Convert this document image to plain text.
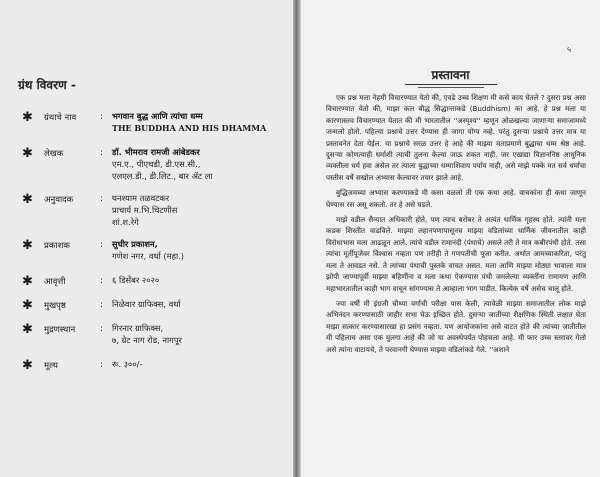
ग्रंथ विवरण -
✱ ग्रंथाचे नाव	: भगवान बुद्ध आणि त्यांचा धम्म
THE BUDDHA AND HIS DHAMMA
✱ लेखक	: डॉ. भीमराव रामजी आंबेडकर
एम.ए., पीएचडी, डी.एस.सी.,
एलएल.डी., डी.लिट., बार ॲट ला
✱ अनुवादक	: घनश्याम तळवटकर
प्राचार्य म.भि.चिटणीस
शां.श.रेगे
✱ प्रकाशक	: सुधीर प्रकाशन,
गणेश नगर, वर्धा (महा.)
✱ आवृत्ती	: ६ डिसेंबर २०२०
✱ मुखपृष्ठ	: निळेवार ग्राफिक्स, वर्धा
✱ मुद्रणस्थान	: गिरनार ग्राफिक्स,
७, ग्रेट नाग रोड, नागपूर
✱ मूल्य	: रू. ३००/-
५
प्रस्तावना

एक प्रश्न मला नेहमी विचारण्यात येतो की, एवढे उच्च शिक्षण मी कसे काय घेतले ? दुसरा प्रश्न असा विचारण्यात येतो की, माझा कल बौद्ध सिद्धान्ताकडे (Buddhism) का आहे. हे प्रश्न मला या कारणास्तव विचारण्यात येतात की मी भारतातील ''अस्पृश्य'' म्हणून ओळखल्या जाणाऱ्या समाजामध्ये जन्मलो होतो. पहिल्या प्रश्नाचे उत्तर देण्यास ही जागा योग्य नव्हे. परंतु दुसऱ्या प्रश्नाचे उत्तर मात्र या प्रस्तावनेत देता येईल. या प्रश्नाचे सरळ उत्तर हे आहे की माझ्या मताप्रमाणे बुद्धाचा धम्म श्रेष्ठ आहे. दुसऱ्या कोणत्याही धर्माशी त्याची तुलना केल्या जाऊ शकत नाही. जर एखाद्या विज्ञाननिष्ठ आधुनिक व्यक्तीला धर्म हवा असेल तर त्याला बुद्धाच्या धम्माशिवाय पर्याय नाही, असे माझे पक्के मत सर्व धर्मांचा पस्तीस वर्षे सखोल अभ्यास केल्यावर तयार झाले आहे.

बुद्धिजमच्या अभ्यास करण्याकडे मी कसा वळलो ती एक कथा आहे. वाचकांना ही कथा जाणून घेण्यास रस असू शकतो. तर हे असे घडले.

माझे वडील सैन्यात अधिकारी होते, पण त्याच बरोबर ते अत्यंत धार्मिक गृहस्थ होते. त्यांनी मला कडक शिस्तीत वाढविले. माझ्या लहानपणापासूनच माझ्या वडिलांच्या धार्मिक जीवनातील काही विरोधाभास मला आढळून आले. त्यांचे वडील रामानंदी (पंथाचे) असले तरी ते मात्र कबीरपंथी होते. तसा त्यांचा मूर्तीपूजेवर विश्वास नव्हता पण तरीही ते गणपतीची पूजा करीत. अर्थात आमच्याकरिता, परंतु मला ते आवडत नसे. ते त्यांच्या पंथाची पुस्तके वाचत असत. मला आणि माझ्या मोठ्या भावाला मात्र झोपी जाण्यापूर्वी माझ्या बहिणींना व मला कथा ऐकण्यास पंथी जमलेल्या व्यक्तींना रामायण आणि महाभारतातील काही भाग वाचून सांगण्यास ते आम्हाला भाग पाडीत. कित्येक वर्षे असेच चालू होते.

ज्या वर्षी मी इंग्रजी चौथ्या वर्गाची परीक्षा पास केली, त्यावेळी माझ्या समाजातील लोक माझे अभिनंदन करण्यासाठी जाहीर सभा घेऊ इच्छित होते. दुसऱ्या जातींच्या शैक्षणिक स्थिती लक्षात घेता माझा सत्कार करण्यासारखा हा प्रसंग नव्हता. पण आयोजकांना असे वाटत होते की त्यांच्या जातीतील मी पहिलाच असा एक मुलगा आहे की जो या अवस्थेपर्यंत पोहचला आहे. मी फार उच्च स्तरावर गेलो असे त्यांना वाटायचे, ते परवानगी घेण्यास माझ्या वडिलांकडे गेले. ''अशाने
